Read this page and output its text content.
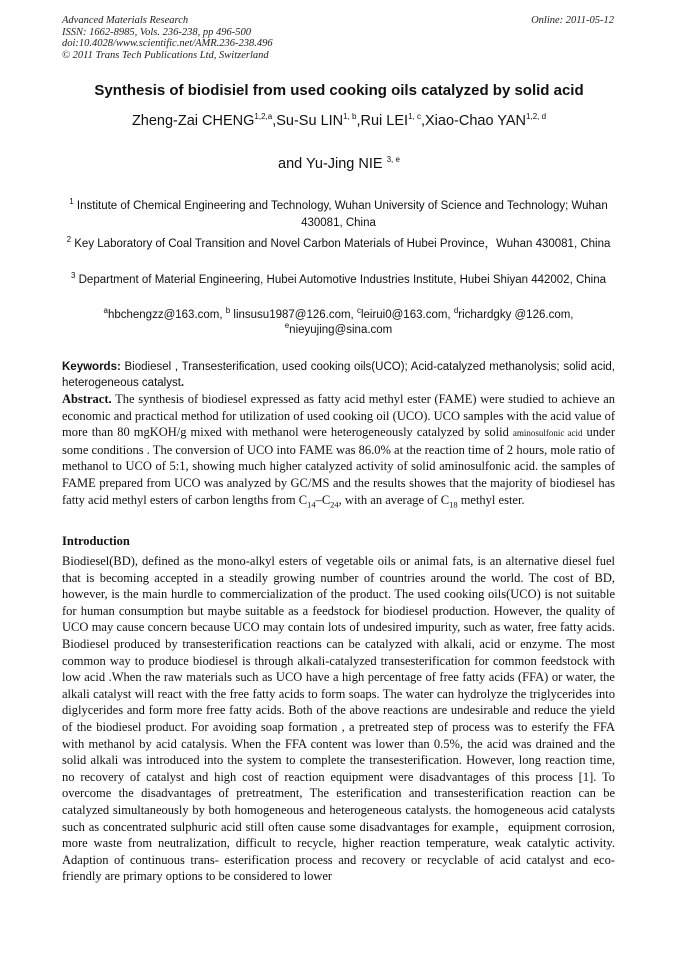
Advanced Materials Research
ISSN: 1662-8985, Vols. 236-238, pp 496-500
doi:10.4028/www.scientific.net/AMR.236-238.496
© 2011 Trans Tech Publications Ltd, Switzerland
Online: 2011-05-12
Synthesis of biodisiel from used cooking oils catalyzed by solid acid
Zheng-Zai CHENG$^{1,2,a}$,Su-Su LIN$^{1, b}$,Rui LEI$^{1, c}$,Xiao-Chao YAN$^{1,2, d}$
and Yu-Jing NIE $^{3, e}$
$^1$ Institute of Chemical Engineering and Technology, Wuhan University of Science and Technology; Wuhan 430081, China
$^2$ Key Laboratory of Coal Transition and Novel Carbon Materials of Hubei Province，Wuhan 430081, China
$^3$ Department of Material Engineering, Hubei Automotive Industries Institute, Hubei Shiyan 442002, China
$^a$hbchengzz@163.com, $^b$ linsusu1987@126.com, $^c$leirui0@163.com, $^d$richardgky @126.com,
$^e$nieyujing@sina.com
Keywords: Biodiesel , Transesterification, used cooking oils(UCO); Acid-catalyzed methanolysis; solid acid, heterogeneous catalyst.
Abstract. The synthesis of biodiesel expressed as fatty acid methyl ester (FAME) were studied to achieve an economic and practical method for utilization of used cooking oil (UCO). UCO samples with the acid value of more than 80 mgKOH/g mixed with methanol were heterogeneously catalyzed by solid aminosulfonic acid under some conditions . The conversion of UCO into FAME was 86.0% at the reaction time of 2 hours, mole ratio of methanol to UCO of 5:1, showing much higher catalyzed activity of solid aminosulfonic acid. the samples of FAME prepared from UCO was analyzed by GC/MS and the results showes that the majority of biodiesel has fatty acid methyl esters of carbon lengths from $C_{14}-C_{24}$, with an average of $C_{18}$ methyl ester.
Introduction
Biodiesel(BD), defined as the mono-alkyl esters of vegetable oils or animal fats, is an alternative diesel fuel that is becoming accepted in a steadily growing number of countries around the world. The cost of BD, however, is the main hurdle to commercialization of the product. The used cooking oils(UCO) is not suitable for human consumption but maybe suitable as a feedstock for biodiesel production. However, the quality of UCO may cause concern because UCO may contain lots of undesired impurity, such as water, free fatty acids. Biodiesel produced by transesterification reactions can be catalyzed with alkali, acid or enzyme. The most common way to produce biodiesel is through alkali-catalyzed transesterification for common feedstock with low acid .When the raw materials such as UCO have a high percentage of free fatty acids (FFA) or water, the alkali catalyst will react with the free fatty acids to form soaps. The water can hydrolyze the triglycerides into diglycerides and form more free fatty acids. Both of the above reactions are undesirable and reduce the yield of the biodiesel product. For avoiding soap formation , a pretreated step of process was to esterify the FFA with methanol by acid catalysis. When the FFA content was lower than 0.5%, the acid was drained and the solid alkali was introduced into the system to complete the transesterification. However, long reaction time, no recovery of catalyst and high cost of reaction equipment were disadvantages of this process [1]. To overcome the disadvantages of pretreatment, The esterification and transesterification reaction can be catalyzed simultaneously by both homogeneous and heterogeneous catalysts. the homogeneous acid catalysts such as concentrated sulphuric acid still often cause some disadvantages for example，equipment corrosion, more waste from neutralization, difficult to recycle, higher reaction temperature, weak catalytic activity. Adaption of continuous trans- esterification process and recovery or recyclable of acid catalyst and eco-friendly are primary options to be considered to lower
